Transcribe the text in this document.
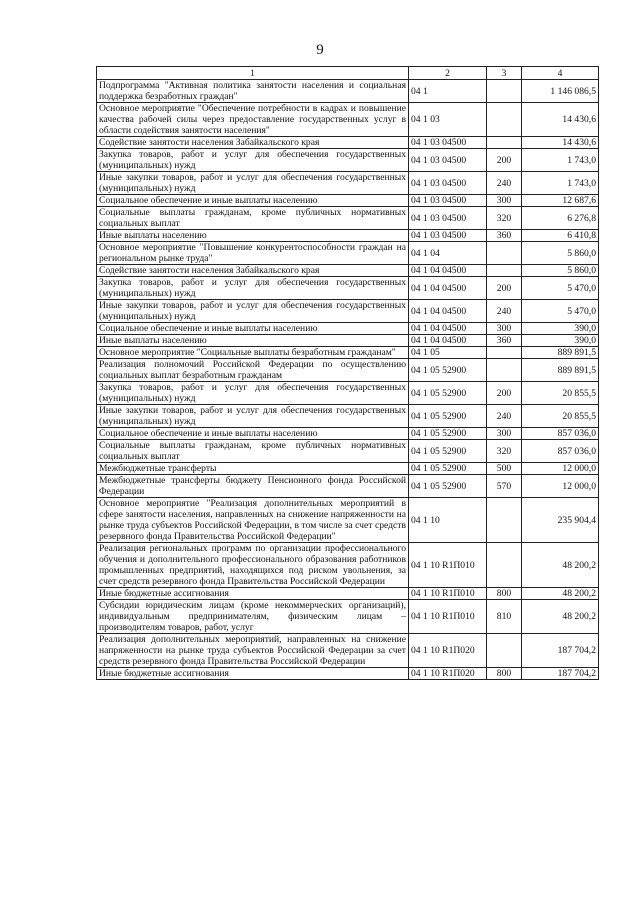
9
1	2	3	4
Подпрограмма "Активная политика занятости населения и социальная поддержка безработных граждан"	04 1		1 146 086,5
Основное мероприятие "Обеспечение потребности в кадрах и повышение качества рабочей силы через предоставление государственных услуг в области содействия занятости населения"	04 1 03		14 430,6
Содействие занятости населения Забайкальского края	04 1 03 04500		14 430,6
Закупка товаров, работ и услуг для обеспечения государственных (муниципальных) нужд	04 1 03 04500	200	1 743,0
Иные закупки товаров, работ и услуг для обеспечения государственных (муниципальных) нужд	04 1 03 04500	240	1 743,0
Социальное обеспечение и иные выплаты населению	04 1 03 04500	300	12 687,6
Социальные выплаты гражданам, кроме публичных нормативных социальных выплат	04 1 03 04500	320	6 276,8
Иные выплаты населению	04 1 03 04500	360	6 410,8
Основное мероприятие "Повышение конкурентоспособности граждан на региональном рынке труда"	04 1 04		5 860,0
Содействие занятости населения Забайкальского края	04 1 04 04500		5 860,0
Закупка товаров, работ и услуг для обеспечения государственных (муниципальных) нужд	04 1 04 04500	200	5 470,0
Иные закупки товаров, работ и услуг для обеспечения государственных (муниципальных) нужд	04 1 04 04500	240	5 470,0
Социальное обеспечение и иные выплаты населению	04 1 04 04500	300	390,0
Иные выплаты населению	04 1 04 04500	360	390,0
Основное мероприятие "Социальные выплаты безработным гражданам"	04 1 05		889 891,5
Реализация полномочий Российской Федерации по осуществлению социальных выплат безработным гражданам	04 1 05 52900		889 891,5
Закупка товаров, работ и услуг для обеспечения государственных (муниципальных) нужд	04 1 05 52900	200	20 855,5
Иные закупки товаров, работ и услуг для обеспечения государственных (муниципальных) нужд	04 1 05 52900	240	20 855,5
Социальное обеспечение и иные выплаты населению	04 1 05 52900	300	857 036,0
Социальные выплаты гражданам, кроме публичных нормативных социальных выплат	04 1 05 52900	320	857 036,0
Межбюджетные трансферты	04 1 05 52900	500	12 000,0
Межбюджетные трансферты бюджету Пенсионного фонда Российской Федерации	04 1 05 52900	570	12 000,0
Основное мероприятие "Реализация дополнительных мероприятий в сфере занятости населения, направленных на снижение напряженности на рынке труда субъектов Российской Федерации, в том числе за счет средств резервного фонда Правительства Российской Федерации"	04 1 10		235 904,4
Реализация региональных программ по организации профессионального обучения и дополнительного профессионального образования работников промышленных предприятий, находящихся под риском увольнения, за счет средств резервного фонда Правительства Российской Федерации	04 1 10 R1П010		48 200,2
Иные бюджетные ассигнования	04 1 10 R1П010	800	48 200,2
Субсидии юридическим лицам (кроме некоммерческих организаций), индивидуальным предпринимателям, физическим лицам – производителям товаров, работ, услуг	04 1 10 R1П010	810	48 200,2
Реализация дополнительных мероприятий, направленных на снижение напряженности на рынке труда субъектов Российской Федерации за счет средств резервного фонда Правительства Российской Федерации	04 1 10 R1П020		187 704,2
Иные бюджетные ассигнования	04 1 10 R1П020	800	187 704,2
